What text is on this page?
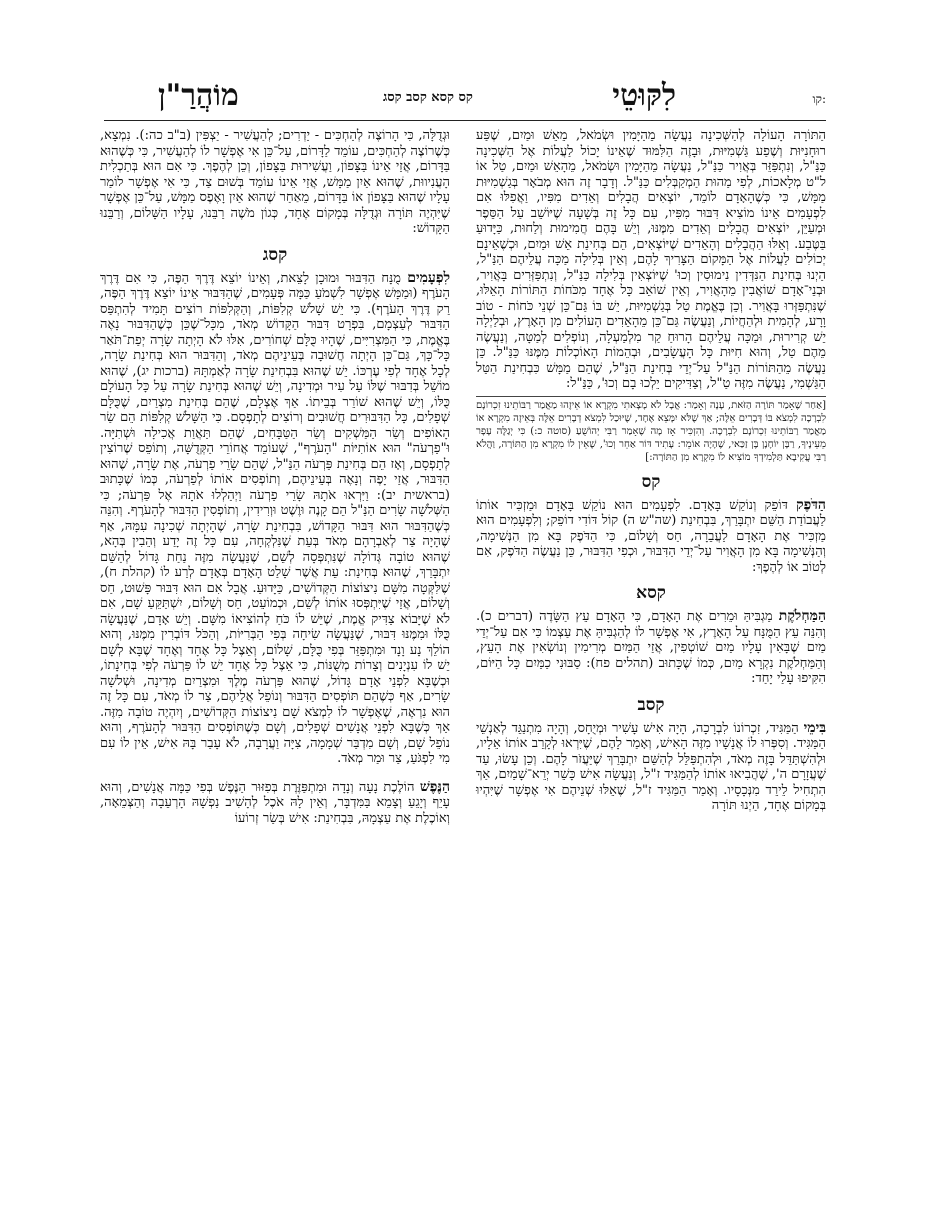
לִקּוּטֵי
קס קסא קסב קסג
מוֹהֲרַ"ן	קו:

הַתּוֹרָה הָעוֹלָה לְהַשְּׁכִינָה נַעֲשָׂה מֵהַיָּמִין וּשְׂמֹאל, מֵאֵשׁ וּמַיִם, שֶׁפַּע רוּחָנִיּוּת וְשֶׁפַע גַּשְׁמִיּוּת, וּבָזֶה הַלִּמּוּד שֶׁאֵינוֹ יָכוֹל לַעֲלוֹת אֶל הַשְּׁכִינָה כַּנַּ"ל, וְנִתְפַּזֵּר בְּאֲוִיר כַּנַּ"ל, נַעֲשָׂה מֵהַיָּמִין וּשְׂמֹאל, מֵהָאֵשׁ וּמַיִם, טַל אוֹ ל"ט מְלָאכוֹת, לְפִי מַהוּת הַמְקַבְּלִים כַּנַּ"ל. וְדָבָר זֶה הוּא מְבֹאָר בְּגַשְׁמִיּוּת מַמָּשׁ, כִּי כְּשֶׁהָאָדָם לוֹמֵד, יוֹצְאִים הֲבָלִים וְאֵדִים מִפִּיו, וַאֲפִלּוּ אִם לִפְעָמִים אֵינוֹ מוֹצִיא דִּבּוּר מִפִּיו, עִם כָּל זֶה בְּשָׁעָה שֶׁיּוֹשֵׁב עַל הַסֵּפֶר וּמְעַיֵּן, יוֹצְאִים הֲבָלִים וְאֵדִים מִמֶּנּוּ, וְיֵשׁ בָּהֶם חֲמִימוּת וְלַחוּת, כַּיָּדוּעַ בַּטֶּבַע. וְאֵלּוּ הַהֲבָלִים וְהָאֵדִים שֶׁיּוֹצְאִים, הֵם בְּחִינַת אֵשׁ וּמַיִם, וּכְשֶׁאֵינָם יְכוֹלִים לַעֲלוֹת אֶל הַמָּקוֹם הַצָּרִיךְ לָהֶם, וְאֵין בְּלִילָה מַכָּה עֲלֵיהֶם הַנַּ"ל, הַיְנוּ בְּחִינַת הַנִּדְּדִין נִימוּסִין וְכוּ' שֶׁיּוֹצְאִין בְּלִילָה כַּנַּ"ל, וְנִתְפַּזְּרִים בָּאֲוִיר, וּבְנֵי־אָדָם שׁוֹאֲבִין מֵהָאֲוִיר, וְאֵין שׁוֹאֵב כָּל אֶחָד מִכֹּחוֹת הַתּוֹרוֹת הָאֵלּוּ, שֶׁנִּתְפַּזְּרוּ בָּאֲוִיר. וְכֵן בֶּאֱמֶת טַל בְּגַשְׁמִיּוּת, יֵשׁ בּוֹ גַּם־כֵּן שְׁנֵי כֹּחוֹת - טוֹב וָרָע, לְהָמִית וּלְהַחֲיוֹת, וְנַעֲשֶׂה גַּם־כֵּן מֵהָאֵדִים הָעוֹלִים מִן הָאָרֶץ, וּבְלַיְלָה יֵשׁ קְרִירוּת, וּמַכָּה עֲלֵיהֶם הָרוּחַ קַר מִלְמַעְלָה, וְנוֹפְלִים לְמַטָּה, וְנַעֲשֶׂה מֵהֶם טַל, וְהוּא חִיּוּת כָּל הָעֲשָׂבִים, וּבְהֵמוֹת הָאוֹכְלוֹת מִמֶּנּוּ כַּנַּ"ל. כֵּן נַעֲשֶׂה מֵהַתּוֹרוֹת הַנַּ"ל עַל־יְדֵי בְּחִינַת הַנַּ"ל, שֶׁהֵם מַמָּשׁ כִּבְחִינַת הַטַּל הַגַּשְׁמִי, נַעֲשֶׂה מִזֶּה טַ"ל, וְצַדִּיקִים יֵלְכוּ בָם וְכוּ', כַּנַּ"ל:

[אַחַר שֶׁאָמַר תּוֹרָה הַזֹּאת, עָנָה וְאָמַר: אֲבָל לֹא מָצָאתִי מִקְרָא אוֹ אֵיזֶהוּ מַאֲמַר רַבּוֹתֵינוּ זִכְרוֹנָם לִבְרָכָה לִמְצֹא בּוֹ דְּבָרִים אֵלֶּה; אַךְ שֶׁלֹּא יִמָּצֵא אֶחָד, שֶׁיּוּכַל לִמְצֹא דְבָרִים אֵלֶּה בְּאֵיזֶה מִקְרָא אוֹ מַאֲמַר רַבּוֹתֵינוּ זִכְרוֹנָם לִבְרָכָה. וְהִזְכִּיר אָז מָה שֶׁאָמַר רַבִּי יְהוֹשֻׁעַ (סוטה כ:) כִּי יְגַלֶּה עָפָר מֵעֵינֶיךָ, רַבָּן יוֹחָנָן בֶּן זַכַּאי, שֶׁהָיָה אוֹמֵר: עָתִיד דּוֹר אַחֵר וְכוּ', שֶׁאֵין לוֹ מִקְרָא מִן הַתּוֹרָה, וַהֲלֹא רַבִּי עֲקִיבָא תַּלְמִידְךָ מוֹצִיא לוֹ מִקְרָא מִן הַתּוֹרָה:]
קס

הַדֹּפֶק דּוֹפֵק וְנוֹקֵשׁ בָּאָדָם. לִפְעָמִים הוּא נוֹקֵשׁ בָּאָדָם וּמַזְכִּיר אוֹתוֹ לַעֲבוֹדַת הַשֵּׁם יִתְבָּרַךְ, בִּבְחִינַת (שה"ש ה) קוֹל דּוֹדִי דוֹפֵק; וְלִפְעָמִים הוּא מַזְכִּיר אֶת הָאָדָם לַעֲבֵרָה, חַס וְשָׁלוֹם, כִּי הַדֹּפֶק בָּא מִן הַנְּשִׁימָה, וְהַנְּשִׁימָה בָּא מִן הָאֲוִיר עַל־יְדֵי הַדִּבּוּר, וּכְפִי הַדִּבּוּר, כֵּן נַעֲשֶׂה הַדֹּפֶק, אִם לְטוֹב אוֹ לְהֶפֶךְ:

קסא

הַמַּחְלֹקֶת מַגְבִּיהַּ וּמֵרִים אֶת הָאָדָם, כִּי הָאָדָם עֵץ הַשָּׂדֶה (דברים כ). וְהִנֵּה עֵץ הַמֻּנָּח עַל הָאָרֶץ, אִי אֶפְשָׁר לוֹ לְהַגְבִּיהַּ אֶת עַצְמוֹ כִּי אִם עַל־יְדֵי מַיִם שֶׁבָּאִין עָלָיו מַיִם שׁוֹטְפִין, אֲזַי הַמַּיִם מְרִימִין וְנוֹשְׂאִין אֶת הָעֵץ, וְהַמַּחְלֹקֶת נִקְרָא מַיִם, כְּמוֹ שֶׁכָּתוּב (תהלים פח): סַבּוּנִי כַמַּיִם כָּל הַיּוֹם, הִקִּיפוּ עָלַי יָחַד:

קסב

בִּימֵי הַמַּגִּיד, זִכְרוֹנוֹ לִבְרָכָה, הָיָה אִישׁ עָשִׁיר וּמְיֻחָס, וְהָיָה מִתְנַגֵּד לְאַנְשֵׁי הַמַּגִּיד. וְסִפְּרוּ לוֹ אֲנָשָׁיו מִזֶּה הָאִישׁ, וְאָמַר לָהֶם, שֶׁיִּרְאוּ לְקָרֵב אוֹתוֹ אֵלָיו, וּלְהִשְׁתַּדֵּל בָּזֶה מְאֹד, וּלְהִתְפַּלֵּל לְהַשֵּׁם יִתְבָּרַךְ שֶׁיַּעֲזֹר לָהֶם. וְכֵן עָשׂוּ, עַד שֶׁעֲזָרָם ה', שֶׁהֲבִיאוּ אוֹתוֹ לְהַמַּגִּיד ז"ל, וְנַעֲשָׂה אִישׁ כָּשֵׁר יְרֵא־שָׁמַיִם, אַךְ הִתְחִיל לֵירֵד מִנְּכָסָיו. וְאָמַר הַמַּגִּיד ז"ל, שֶׁאֵלּוּ שְׁנֵיהֶם אִי אֶפְשָׁר שֶׁיִּהְיוּ בְּמָקוֹם אֶחָד, הַיְנוּ תּוֹרָה

וּגְדֻלָּה, כִּי הָרוֹצֶה לְהַחְכִּים - יַדְרִים; לְהַעֲשִׁיר - יַצְפִּין (ב"ב כה:). נִמְצָא, כְּשֶׁרוֹצֶה לְהַחְכִּים, עוֹמֵד לַדָּרוֹם, עַל־כֵּן אִי אֶפְשָׁר לוֹ לְהַעֲשִׁיר, כִּי כְּשֶׁהוּא בַּדָּרוֹם, אֲזַי אֵינוֹ בַּצָּפוֹן, וַעֲשִׁירוּת בַּצָּפוֹן, וְכֵן לְהֶפֶךְ. כִּי אִם הוּא בְּתַכְלִית הָעֲנִיווּת, שֶׁהוּא אַיִן מַמָּשׁ, אֲזַי אֵינוֹ עוֹמֵד בְּשׁוּם צַד, כִּי אִי אֶפְשָׁר לוֹמַר עָלָיו שֶׁהוּא בַּצָּפוֹן אוֹ בַּדָּרוֹם, מֵאַחַר שֶׁהוּא אַיִן וָאֶפֶס מַמָּשׁ, עַל־כֵּן אֶפְשָׁר שֶׁיִּהְיֶה תּוֹרָה וּגְדֻלָּה בְּמָקוֹם אֶחָד, כְּגוֹן מֹשֶׁה רַבֵּנוּ, עָלָיו הַשָּׁלוֹם, וְרַבֵּנוּ הַקָּדוֹשׁ:

קסג

לִפְעָמִים מֻנָּח הַדִּבּוּר וּמוּכָן לָצֵאת, וְאֵינוֹ יוֹצֵא דֶּרֶךְ הַפֶּה, כִּי אִם דֶּרֶךְ הָעֹרֶף (וּמַמָּשׁ אֶפְשָׁר לִשְׁמֹעַ כַּמָּה פְּעָמִים, שֶׁהַדִּבּוּר אֵינוֹ יוֹצֵא דֶּרֶךְ הַפֶּה, רַק דֶּרֶךְ הָעֹרֶף). כִּי יֵשׁ שָׁלֹשׁ קְלִפּוֹת, וְהַקְּלִפּוֹת רוֹצִים תָּמִיד לְהִתְפַּס הַדִּבּוּר לְעַצְמָם, בִּפְרָט דִּבּוּר הַקָּדוֹשׁ מְאֹד, מִכָּל־שֶׁכֵּן כְּשֶׁהַדִּבּוּר נָאֶה בֶּאֱמֶת, כִּי הַמִּצְרִיִּים, שֶׁהָיוּ כֻּלָּם שְׁחוֹרִים, אִלּוּ לֹא הָיְתָה שָׂרָה יְפַת־תֹּאַר כָּל־כָּךְ, גַּם־כֵּן הָיְתָה חֲשׁוּבָה בְּעֵינֵיהֶם מְאֹד, וְהַדִּבּוּר הוּא בְּחִינַת שָׂרָה, לְכָל אֶחָד לְפִי עֶרְכּוֹ. יֵשׁ שֶׁהוּא בִּבְחִינַת שָׂרָה לְאַמְתָּהּ (ברכות יג), שֶׁהוּא מוֹשֵׁל בְּדִבּוּר שֶׁלּוֹ עַל עִיר וּמְדִינָה, וְיֵשׁ שֶׁהוּא בְּחִינַת שָׂרָה עַל כָּל הָעוֹלָם כֻּלּוֹ, וְיֵשׁ שֶׁהוּא שׁוֹרֵר בְּבֵיתוֹ. אַךְ אֶצְלָם, שֶׁהֵם בְּחִינַת מִצְרַיִם, שֶׁכֻּלָּם שְׁפָלִים, כָּל הַדִּבּוּרִים חֲשׁוּבִים וְרוֹצִים לְתָפְסָם. כִּי הַשָּׁלֹשׁ קְלִפּוֹת הֵם שַׂר הָאוֹפִים וְשַׂר הַמַּשְׁקִים וְשַׂר הַטַּבָּחִים, שֶׁהֵם תַּאֲוַת אֲכִילָה וּשְׁתִיָּה. וּ"פַרְעֹה" הוּא אוֹתִיּוֹת "הָעֹרֶף", שֶׁעוֹמֵד אֲחוֹרֵי הַקְּדֻשָּׁה, וְתוֹפֵס שֶׁרוֹצִין לְתָפְסָם, וְאָז הֵם בְּחִינַת פַּרְעֹה הַנַּ"ל, שֶׁהֵם שָׂרֵי פַרְעֹה, אֶת שָׂרָה, שֶׁהוּא הַדִּבּוּר, אֲזַי יָפֶה וְנָאֶה בְּעֵינֵיהֶם, וְתוֹפְסִים אוֹתוֹ לְפַרְעֹה, כְּמוֹ שֶׁכָּתוּב (בראשית יב): וַיִּרְאוּ אֹתָהּ שָׂרֵי פַרְעֹה וַיְהַלְלוּ אֹתָהּ אֶל פַּרְעֹה; כִּי הַשְּׁלֹשָׁה שָׂרִים הַנַּ"ל הֵם קָנֶה וּוֶשֶׁט וּוְרִידִין, וְתוֹפְסִין הַדִּבּוּר לְהָעֹרֶף. וְהִנֵּה כְּשֶׁהַדִּבּוּר הוּא דִּבּוּר הַקָּדוֹשׁ, בִּבְחִינַת שָׂרָה, שֶׁהָיְתָה שְׁכִינָה עִמָּהּ, אַף שֶׁהָיָה צַר לְאַבְרָהָם מְאֹד בְּעֵת שֶׁנִּלְקְחָה, עִם כָּל זֶה יָדַע וְהֵבִין בְּהָא, שֶׁהוּא טוֹבָה גְּדוֹלָה שֶׁנִּתְפְּסָה לְשֵׁם, שֶׁנַּעֲשָׂה מִזֶּה נַחַת גָּדוֹל לְהַשֵּׁם יִתְבָּרַךְ, שֶׁהוּא בְּחִינַת: עֵת אֲשֶׁר שָׁלַט הָאָדָם בְּאָדָם לְרַע לוֹ (קהלת ח), שֶׁלִּקְּטָה מִשָּׁם נִיצוֹצוֹת הַקְּדוֹשִׁים, כַּיָּדוּעַ. אֲבָל אִם הוּא דִּבּוּר פָּשׁוּט, חַס וְשָׁלוֹם, אֲזַי שֶׁיִּתְפְּסוּ אוֹתוֹ לְשֵׁם, וּכְמוֹעֵט, חַס וְשָׁלוֹם, יִשְׁתַּקֵּעַ שָׁם, אִם לֹא שֶׁיָּבוֹא צַדִּיק אֱמֶת, שֶׁיֵּשׁ לוֹ כֹּחַ לְהוֹצִיאוֹ מִשָּׁם. וְיֵשׁ אָדָם, שֶׁנַּעֲשָׂה כֻּלּוֹ וּמִמֶּנּוּ דִּבּוּר, שֶׁנַּעֲשָׂה שִׂיחָה בְּפִי הַבְּרִיּוֹת, וְהַכֹּל דּוֹבְרִין מִמֶּנּוּ, וְהוּא הוֹלֵךְ נָע וָנָד וּמִתְפַּזֵּר בְּפִי כֻּלָּם, שָׁלוֹם, וְאֵצֶל כָּל אֶחָד וְאֶחָד שֶׁבָּא לְשָׁם יֵשׁ לוֹ עִנְיָנִים וְצָרוֹת מְשֻׁנּוֹת, כִּי אֵצֶל כָּל אֶחָד יֵשׁ לוֹ פַּרְעֹה לְפִי בְּחִינָתוֹ, וּכְשֶׁבָּא לִפְנֵי אָדָם גָּדוֹל, שֶׁהוּא פַּרְעֹה מֶלֶךְ וּמִצְרַיִם מְדִינָה, וּשְׁלֹשָׁה שָׂרִים, אַף כְּשֶׁהֵם תּוֹפְסִים הַדִּבּוּר וְנוֹפֵל אֲלֵיהֶם, צַר לוֹ מְאֹד, עִם כָּל זֶה הוּא נִרְאֶה, שֶׁאֶפְשָׁר לוֹ לִמְצֹא שָׁם נִיצוֹצוֹת הַקְּדוֹשִׁים, וְיִהְיֶה טוֹבָה מִזֶּה. אַךְ כְּשֶׁבָּא לִפְנֵי אֲנָשִׁים שְׁפָלִים, וְשָׁם כְּשֶׁתּוֹפְסִים הַדִּבּוּר לְהָעֹרֶף, וְהוּא נוֹפֵל שָׁם, וְשָׁם מִדְבַּר שְׁמָמָה, צִיָּה וַעֲרָבָה, לֹא עָבַר בָּהּ אִישׁ, אֵין לוֹ עִם מִי לִפְגֹּעַ, צַר וּמַר מְאֹד.

הַנֶּפֶשׁ הוֹלֶכֶת נָעָה וְנָדָה וּמִתְפַּזֶּרֶת בְּפִזּוּר הַנֶּפֶשׁ בְּפִי כַּמָּה אֲנָשִׁים, וְהוּא עָיֵף וְיָגֵעַ וְצָמֵא בַּמִּדְבָּר, וְאֵין לָהּ אֹכֶל לְהָשִׁיב נַפְשָׁהּ הָרְעֵבָה וְהַצְּמֵאָה, וְאוֹכֶלֶת אֶת עַצְמָהּ, בִּבְחִינַת: אִישׁ בְּשַׂר זְרוֹעוֹ
